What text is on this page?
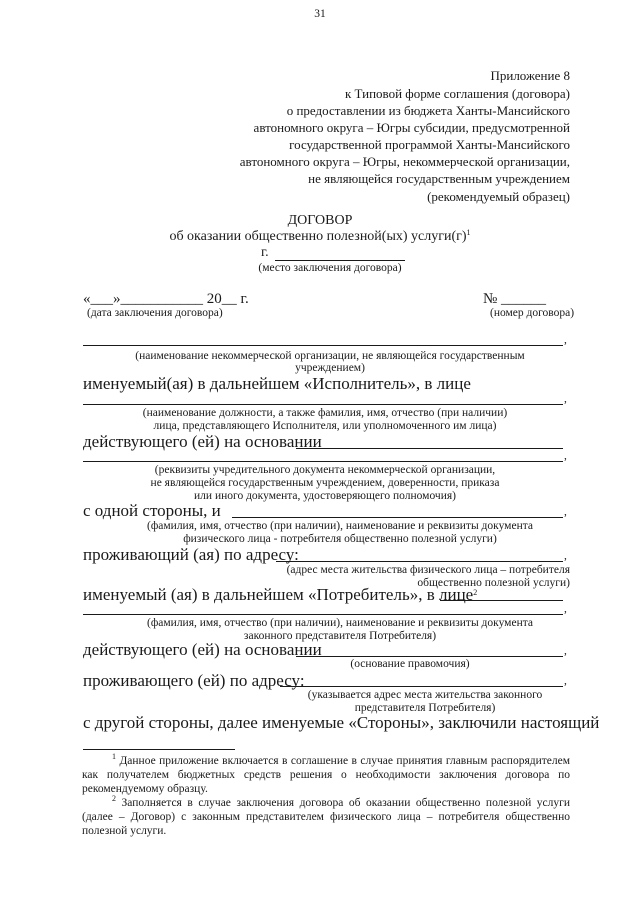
31
Приложение 8
к Типовой форме соглашения (договора)
о предоставлении из бюджета Ханты-Мансийского
автономного округа – Югры субсидии, предусмотренной
государственной программой Ханты-Мансийского
автономного округа – Югры, некоммерческой организации,
не являющейся государственным учреждением
(рекомендуемый образец)
ДОГОВОР
об оказании общественно полезной(ых) $услуги(г)^1$
г.
(место заключения договора)
«___»___________ 20__ г.
(дата заключения договора)
№ ______
(номер договора)
,
(наименование некоммерческой организации, не являющейся государственным
учреждением)
именуемый(ая) в дальнейшем «Исполнитель», в лице
,
(наименование должности, а также фамилия, имя, отчество (при наличии)
лица, представляющего Исполнителя, или уполномоченного им лица)
действующего (ей) на основании
,
(реквизиты учредительного документа некоммерческой организации,
не являющейся государственным учреждением, доверенности, приказа
или иного документа, удостоверяющего полномочия)
с одной стороны, и	,
(фамилия, имя, отчество (при наличии), наименование и реквизиты документа
физического лица - потребителя общественно полезной услуги)
проживающий (ая) по адресу:	,
(адрес места жительства физического лица – потребителя
общественно полезной услуги)
именуемый (ая) в дальнейшем «Потребитель», в лице$^2$
,
(фамилия, имя, отчество (при наличии), наименование и реквизиты документа
законного представителя Потребителя)
действующего (ей) на основании	,
(основание правомочия)
проживающего (ей) по адресу:	,
(указывается адрес места жительства законного
представителя Потребителя)
с другой стороны, далее именуемые «Стороны», заключили настоящий
$^1$ Данное приложение включается в соглашение в случае принятия главным распорядителем как получателем бюджетных средств решения о необходимости заключения договора по рекомендуемому образцу.
$^2$ Заполняется в случае заключения договора об оказании общественно полезной услуги (далее – Договор) с законным представителем физического лица – потребителя общественно полезной услуги.
